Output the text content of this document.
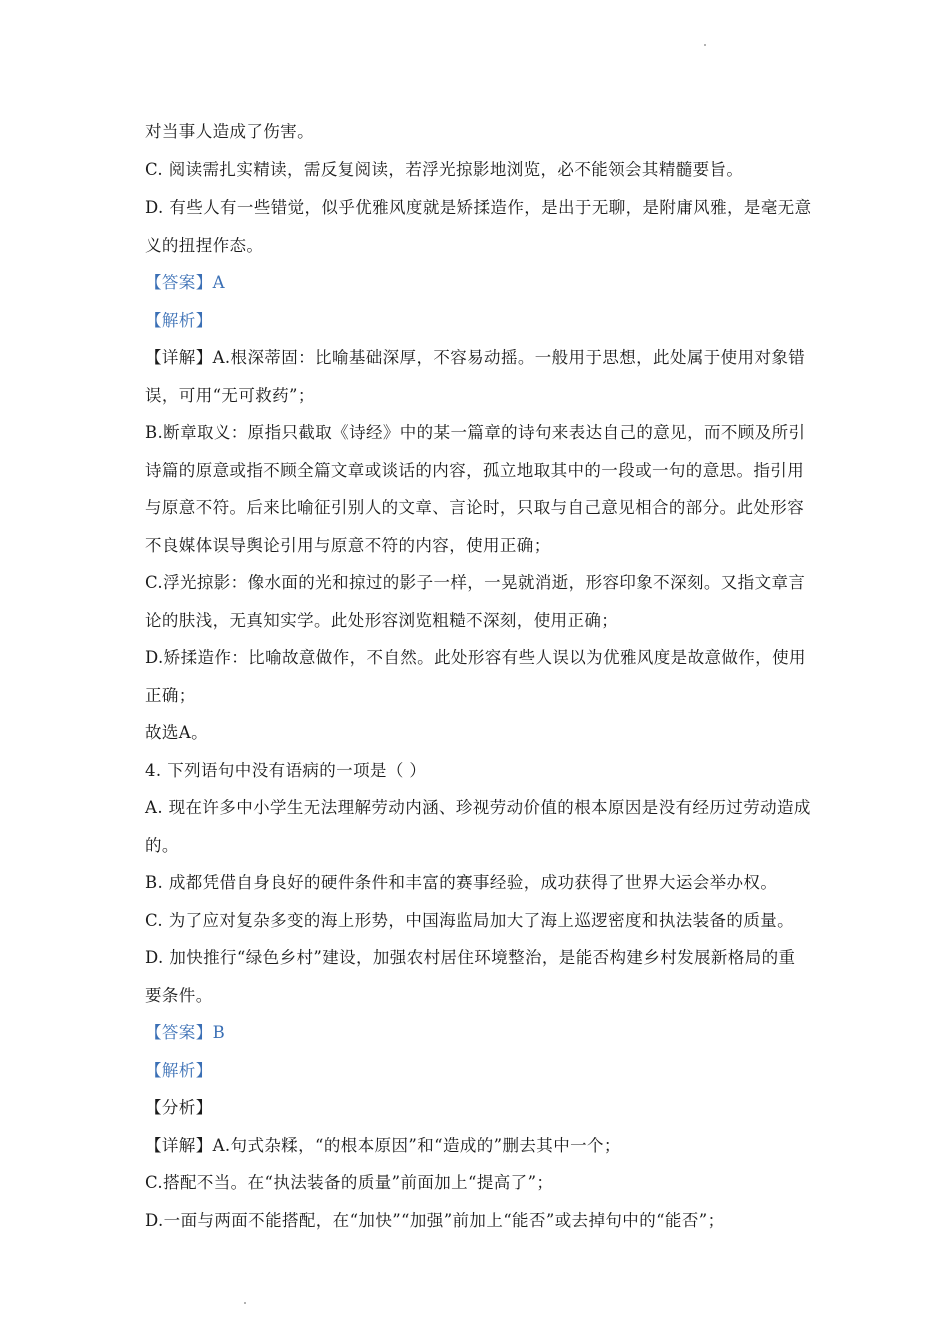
对当事人造成了伤害。
C. 阅读需扎实精读，需反复阅读，若浮光掠影地浏览，必不能领会其精髓要旨。
D. 有些人有一些错觉，似乎优雅风度就是矫揉造作，是出于无聊，是附庸风雅，是毫无意
义的扭捏作态。
【答案】A
【解析】
【详解】A.根深蒂固：比喻基础深厚，不容易动摇。一般用于思想，此处属于使用对象错
误，可用“无可救药”；
B.断章取义：原指只截取《诗经》中的某一篇章的诗句来表达自己的意见，而不顾及所引
诗篇的原意或指不顾全篇文章或谈话的内容，孤立地取其中的一段或一句的意思。指引用
与原意不符。后来比喻征引别人的文章、言论时，只取与自己意见相合的部分。此处形容
不良媒体误导舆论引用与原意不符的内容，使用正确；
C.浮光掠影：像水面的光和掠过的影子一样，一晃就消逝，形容印象不深刻。又指文章言
论的肤浅，无真知实学。此处形容浏览粗糙不深刻，使用正确；
D.矫揉造作：比喻故意做作，不自然。此处形容有些人误以为优雅风度是故意做作，使用
正确；
故选A。
4. 下列语句中没有语病的一项是（ ）
A. 现在许多中小学生无法理解劳动内涵、珍视劳动价值的根本原因是没有经历过劳动造成
的。
B. 成都凭借自身良好的硬件条件和丰富的赛事经验，成功获得了世界大运会举办权。
C. 为了应对复杂多变的海上形势，中国海监局加大了海上巡逻密度和执法装备的质量。
D. 加快推行“绿色乡村”建设，加强农村居住环境整治，是能否构建乡村发展新格局的重
要条件。
【答案】B
【解析】
【分析】
【详解】A.句式杂糅，“的根本原因”和“造成的”删去其中一个；
C.搭配不当。在“执法装备的质量”前面加上“提高了”；
D.一面与两面不能搭配，在“加快”“加强”前加上“能否”或去掉句中的“能否”；
